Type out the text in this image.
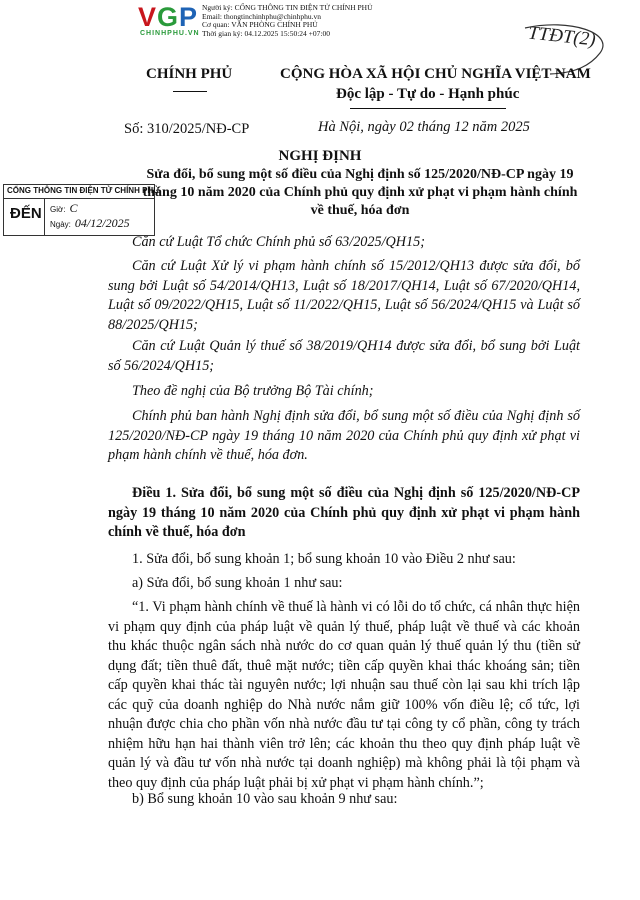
VGP
CHINHPHU.VN
Người ký: CỔNG THÔNG TIN ĐIỆN TỬ CHÍNH PHỦ
Email: thongtinchinhphu@chinhphu.vn
Cơ quan: VĂN PHÒNG CHÍNH PHỦ
Thời gian ký: 04.12.2025 15:50:24 +07:00	TTĐT(2)
CHÍNH PHỦ	CỘNG HÒA XÃ HỘI CHỦ NGHĨA VIỆT NAM
Độc lập - Tự do - Hạnh phúc
Số: 310/2025/NĐ-CP	Hà Nội, ngày 02 tháng 12 năm 2025
NGHỊ ĐỊNH
Sửa đổi, bổ sung một số điều của Nghị định số 125/2020/NĐ-CP ngày 19 tháng 10 năm 2020 của Chính phủ quy định xử phạt vi phạm hành chính về thuế, hóa đơn
CỔNG THÔNG TIN ĐIỆN TỬ CHÍNH PHỦ
ĐẾN Giờ: C
Ngày: 04/12/2025
Căn cứ Luật Tổ chức Chính phủ số 63/2025/QH15;
Căn cứ Luật Xử lý vi phạm hành chính số 15/2012/QH13 được sửa đổi, bổ sung bởi Luật số 54/2014/QH13, Luật số 18/2017/QH14, Luật số 67/2020/QH14, Luật số 09/2022/QH15, Luật số 11/2022/QH15, Luật số 56/2024/QH15 và Luật số 88/2025/QH15;
Căn cứ Luật Quản lý thuế số 38/2019/QH14 được sửa đổi, bổ sung bởi Luật số 56/2024/QH15;
Theo đề nghị của Bộ trưởng Bộ Tài chính;
Chính phủ ban hành Nghị định sửa đổi, bổ sung một số điều của Nghị định số 125/2020/NĐ-CP ngày 19 tháng 10 năm 2020 của Chính phủ quy định xử phạt vi phạm hành chính về thuế, hóa đơn.
Điều 1. Sửa đổi, bổ sung một số điều của Nghị định số 125/2020/NĐ-CP ngày 19 tháng 10 năm 2020 của Chính phủ quy định xử phạt vi phạm hành chính về thuế, hóa đơn
1. Sửa đổi, bổ sung khoản 1; bổ sung khoản 10 vào Điều 2 như sau:
a) Sửa đổi, bổ sung khoản 1 như sau:
“1. Vi phạm hành chính về thuế là hành vi có lỗi do tổ chức, cá nhân thực hiện vi phạm quy định của pháp luật về quản lý thuế, pháp luật về thuế và các khoản thu khác thuộc ngân sách nhà nước do cơ quan quản lý thuế quản lý thu (tiền sử dụng đất; tiền thuê đất, thuê mặt nước; tiền cấp quyền khai thác khoáng sản; tiền cấp quyền khai thác tài nguyên nước; lợi nhuận sau thuế còn lại sau khi trích lập các quỹ của doanh nghiệp do Nhà nước nắm giữ 100% vốn điều lệ; cổ tức, lợi nhuận được chia cho phần vốn nhà nước đầu tư tại công ty cổ phần, công ty trách nhiệm hữu hạn hai thành viên trở lên; các khoản thu theo quy định pháp luật về quản lý và đầu tư vốn nhà nước tại doanh nghiệp) mà không phải là tội phạm và theo quy định của pháp luật phải bị xử phạt vi phạm hành chính.”;
b) Bổ sung khoản 10 vào sau khoản 9 như sau:
